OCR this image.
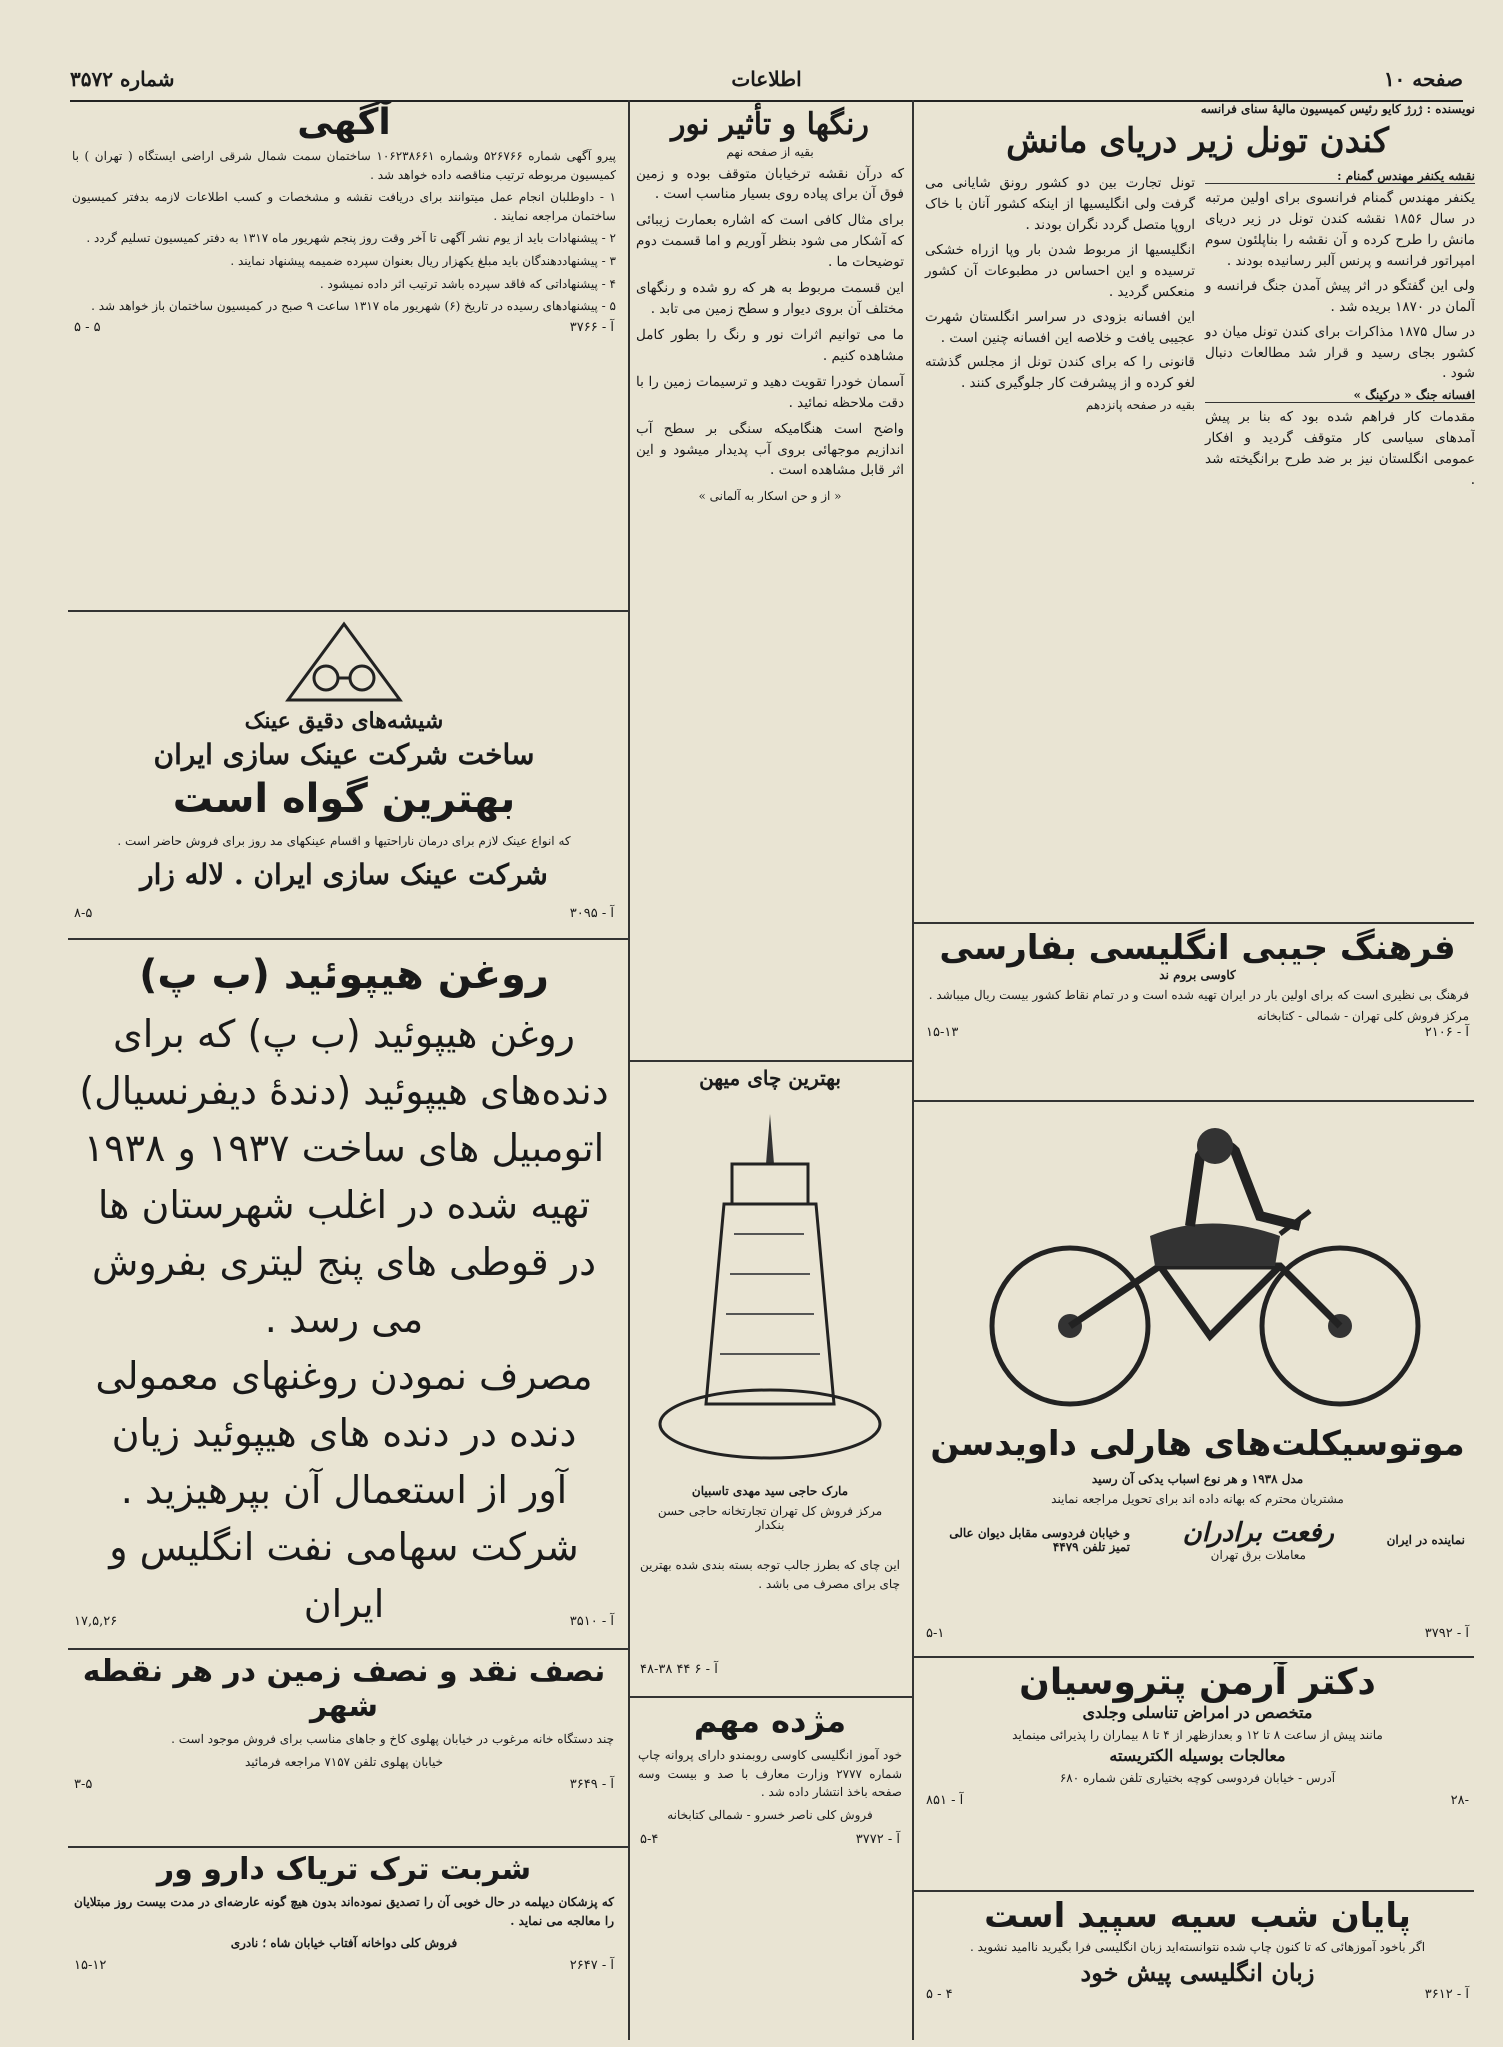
صفحه ۱۰
اطلاعات
شماره ۳۵۷۲
نویسنده : ژرژ کایو رئیس کمیسیون مالیهٔ سنای فرانسه
کندن تونل زیر دریای مانش
نقشه یکنفر مهندس گمنام :

یکنفر مهندس گمنام فرانسوی برای اولین مرتبه در سال ۱۸۵۶ نقشه کندن تونل در زیر دریای مانش را طرح کرده و آن نقشه را بناپلئون سوم امپراتور فرانسه و پرنس آلبر رسانیده بودند .

ولی این گفتگو در اثر پیش آمدن جنگ فرانسه و آلمان در ۱۸۷۰ بریده شد .

در سال ۱۸۷۵ مذاکرات برای کندن تونل میان دو کشور بجای رسید و قرار شد مطالعات دنبال شود .

افسانه جنگ « درکینگ »

مقدمات کار فراهم شده بود که بنا بر پیش آمدهای سیاسی کار متوقف گردید و افکار عمومی انگلستان نیز بر ضد طرح برانگیخته شد .

تونل تجارت بین دو کشور رونق شایانی می گرفت ولی انگلیسیها از اینکه کشور آنان با خاک اروپا متصل گردد نگران بودند .

انگلیسیها از مربوط شدن بار وپا ازراه خشکی ترسیده و این احساس در مطبوعات آن کشور منعکس گردید .

این افسانه بزودی در سراسر انگلستان شهرت عجیبی یافت و خلاصه این افسانه چنین است .

قانونی را که برای کندن تونل از مجلس گذشته لغو کرده و از پیشرفت کار جلوگیری کنند .

بقیه در صفحه پانزدهم
فرهنگ جیبی انگلیسی بفارسی
کاوسی بروم ند
فرهنگ بی نظیری است که برای اولین بار در ایران تهیه شده است و در تمام نقاط کشور بیست ریال میباشد .
مرکز فروش کلی تهران - شمالی - کتابخانه
۱۵-۱۳	آ - ۲۱۰۶
موتوسیکلت‌های هارلی داویدسن
مدل ۱۹۳۸ و هر نوع اسباب یدکی آن رسید
مشتریان محترم که بهانه داده اند برای تحویل مراجعه نمایند
نماینده در ایران
رفعت برادران
معاملات برق تهران
و خیابان فردوسی مقابل دیوان عالی تمیز تلفن ۴۴۷۹
۵-۱	آ - ۳۷۹۲
دکتر آرمن پتروسیان
متخصص در امراض تناسلی وجلدی
مانند پیش از ساعت ۸ تا ۱۲ و بعدازظهر از ۴ تا ۸ بیماران را پذیرائی مینماید
معالجات بوسیله الکتریسته
آدرس - خیابان فردوسی کوچه بختیاری تلفن شماره ۶۸۰
آ - ۸۵۱	۲۸-
پایان شب سیه سپید است
اگر باخود آموزهائی که تا کنون چاپ شده نتوانسته‌اید زبان انگلیسی فرا بگیرید ناامید نشوید .
زبان انگلیسی پیش خود
۵ - ۴	آ - ۳۶۱۲
رنگها و تأثیر نور
بقیه از صفحه نهم

که درآن نقشه ترخیابان متوقف بوده و زمین فوق آن برای پیاده روی بسیار مناسب است .

برای مثال کافی است که اشاره بعمارت زیبائی که آشکار می شود بنظر آوریم و اما قسمت دوم توضیحات ما .

این قسمت مربوط به هر که رو شده و رنگهای مختلف آن بروی دیوار و سطح زمین می تابد .

ما می توانیم اثرات نور و رنگ را بطور کامل مشاهده کنیم .

آسمان خودرا تقویت دهید و ترسیمات زمین را با دقت ملاحظه نمائید .

واضح است هنگامیکه سنگی بر سطح آب اندازیم موجهائی بروی آب پدیدار میشود و این اثر قابل مشاهده است .

« از و حن اسکار به آلمانی »
بهترین چای میهن
مارک حاجی سید مهدی تاسبیان
مرکز فروش کل تهران تجارتخانه حاجی حسن بنکدار
این چای که بطرز جالب توجه بسته بندی شده بهترین چای برای مصرف می باشد .
۴۸-۳۸ ۴۴ ۶ - آ
مژده مهم
خود آموز انگلیسی کاوسی روبمندو دارای پروانه چاپ شماره ۲۷۷۷ وزارت معارف با صد و بیست وسه صفحه باخذ انتشار داده شد .
فروش کلی ناصر خسرو - شمالی کتابخانه
۵-۴	آ - ۳۷۷۲
آگهی

پیرو آگهی شماره ۵۲۶۷۶۶ وشماره ۱۰۶۲۳۸۶۶۱ ساختمان سمت شمال شرقی اراضی ایستگاه ( تهران ) با کمیسیون مربوطه ترتیب مناقصه داده خواهد شد .

۱ - داوطلبان انجام عمل میتوانند برای دریافت نقشه و مشخصات و کسب اطلاعات لازمه بدفتر کمیسیون ساختمان مراجعه نمایند .

۲ - پیشنهادات باید از یوم نشر آگهی تا آخر وقت روز پنجم شهریور ماه ۱۳۱۷ به دفتر کمیسیون تسلیم گردد .

۳ - پیشنهاددهندگان باید مبلغ یکهزار ریال بعنوان سپرده ضمیمه پیشنهاد نمایند .

۴ - پیشنهاداتی که فاقد سپرده باشد ترتیب اثر داده نمیشود .

۵ - پیشنهادهای رسیده در تاریخ (۶) شهریور ماه ۱۳۱۷ ساعت ۹ صبح در کمیسیون ساختمان باز خواهد شد .

۵ - ۵	آ - ۳۷۶۶
شیشه‌های دقیق عینک
ساخت شرکت عینک سازی ایران
بهترین گواه است
که انواع عینک لازم برای درمان ناراحتیها و اقسام عینکهای مد روز برای فروش حاضر است .
شرکت عینک سازی ایران . لاله زار
۸-۵	آ - ۳۰۹۵
روغن هیپوئید (ب پ)
روغن هیپوئید (ب پ) که برای
دنده‌های هیپوئید (دندهٔ دیفرنسیال)
اتومبیل های ساخت ۱۹۳۷ و ۱۹۳۸
تهیه شده در اغلب شهرستان ها
در قوطی های پنج لیتری بفروش
می رسد .
مصرف نمودن روغنهای معمولی
دنده در دنده های هیپوئید زیان
آور از استعمال آن بپرهیزید .
شرکت سهامی نفت انگلیس و ایران
۱۷,۵,۲۶	آ - ۳۵۱۰
نصف نقد و نصف زمین در هر نقطه شهر
چند دستگاه خانه مرغوب در خیابان پهلوی کاخ و جاهای مناسب برای فروش موجود است .
خیابان پهلوی تلفن ۷۱۵۷ مراجعه فرمائید
۳-۵	آ - ۳۶۴۹
شربت ترک تریاک دارو ور
که پزشکان دیپلمه در حال خوبی آن را تصدیق نموده‌اند بدون هیچ گونه عارضه‌ای در مدت بیست روز مبتلایان را معالجه می نماید .
فروش کلی دواخانه آفتاب خیابان شاه ؛ نادری
۱۵-۱۲	آ - ۲۶۴۷
